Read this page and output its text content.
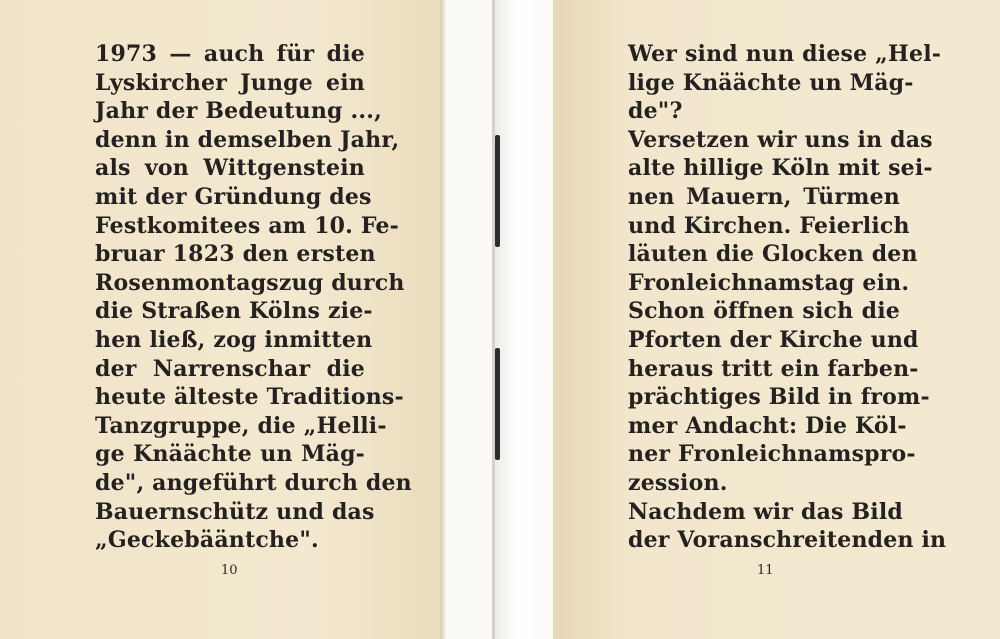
1973 — auch für die
Lyskircher Junge ein
Jahr der Bedeutung ...,
denn in demselben Jahr,
als von Wittgenstein
mit der Gründung des
Festkomitees am 10. Fe-
bruar 1823 den ersten
Rosenmontagszug durch
die Straßen Kölns zie-
hen ließ, zog inmitten
der Narrenschar die
heute älteste Traditions-
Tanzgruppe, die „Helli-
ge Knäächte un Mäg-
de", angeführt durch den
Bauernschütz und das
„Geckebääntche".
10
Wer sind nun diese „Hel-
lige Knäächte un Mäg-
de"?
Versetzen wir uns in das
alte hillige Köln mit sei-
nen Mauern, Türmen
und Kirchen. Feierlich
läuten die Glocken den
Fronleichnamstag ein.
Schon öffnen sich die
Pforten der Kirche und
heraus tritt ein farben-
prächtiges Bild in from-
mer Andacht: Die Köl-
ner Fronleichnamspro-
zession.
Nachdem wir das Bild
der Voranschreitenden in
11
